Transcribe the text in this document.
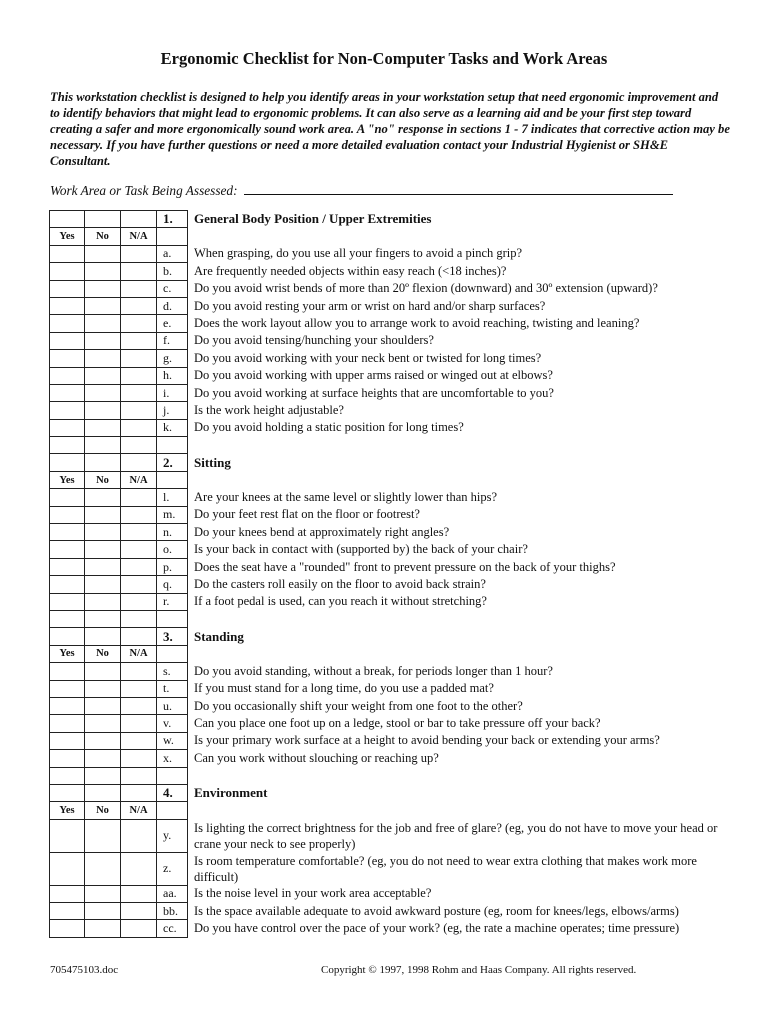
Ergonomic Checklist for Non-Computer Tasks and Work Areas
This workstation checklist is designed to help you identify areas in your workstation setup that need ergonomic improvement and to identify behaviors that might lead to ergonomic problems. It can also serve as a learning aid and be your first step toward creating a safer and more ergonomically sound work area. A "no" response in sections 1 - 7 indicates that corrective action may be necessary. If you have further questions or need a more detailed evaluation contact your Industrial Hygienist or SH&E Consultant.
Work Area or Task Being Assessed:
			1.	General Body Position / Upper Extremities
Yes	No	N/A		
			a.	When grasping, do you use all your fingers to avoid a pinch grip?
			b.	Are frequently needed objects within easy reach (<18 inches)?
			c.	Do you avoid wrist bends of more than 20º flexion (downward) and 30º extension (upward)?
			d.	Do you avoid resting your arm or wrist on hard and/or sharp surfaces?
			e.	Does the work layout allow you to arrange work to avoid reaching, twisting and leaning?
			f.	Do you avoid tensing/hunching your shoulders?
			g.	Do you avoid working with your neck bent or twisted for long times?
			h.	Do you avoid working with upper arms raised or winged out at elbows?
			i.	Do you avoid working at surface heights that are uncomfortable to you?
			j.	Is the work height adjustable?
			k.	Do you avoid holding a static position for long times?

			2.	Sitting
Yes	No	N/A		
			l.	Are your knees at the same level or slightly lower than hips?
			m.	Do your feet rest flat on the floor or footrest?
			n.	Do your knees bend at approximately right angles?
			o.	Is your back in contact with (supported by) the back of your chair?
			p.	Does the seat have a "rounded" front to prevent pressure on the back of your thighs?
			q.	Do the casters roll easily on the floor to avoid back strain?
			r.	If a foot pedal is used, can you reach it without stretching?

			3.	Standing
Yes	No	N/A		
			s.	Do you avoid standing, without a break, for periods longer than 1 hour?
			t.	If you must stand for a long time, do you use a padded mat?
			u.	Do you occasionally shift your weight from one foot to the other?
			v.	Can you place one foot up on a ledge, stool or bar to take pressure off your back?
			w.	Is your primary work surface at a height to avoid bending your back or extending your arms?
			x.	Can you work without slouching or reaching up?

			4.	Environment
Yes	No	N/A		
			y.	Is lighting the correct brightness for the job and free of glare? (eg, you do not have to move your head or crane your neck to see properly)
			z.	Is room temperature comfortable? (eg, you do not need to wear extra clothing that makes work more difficult)
			aa.	Is the noise level in your work area acceptable?
			bb.	Is the space available adequate to avoid awkward posture (eg, room for knees/legs, elbows/arms)
			cc.	Do you have control over the pace of your work? (eg, the rate a machine operates; time pressure)
705475103.doc	Copyright © 1997, 1998 Rohm and Haas Company. All rights reserved.
